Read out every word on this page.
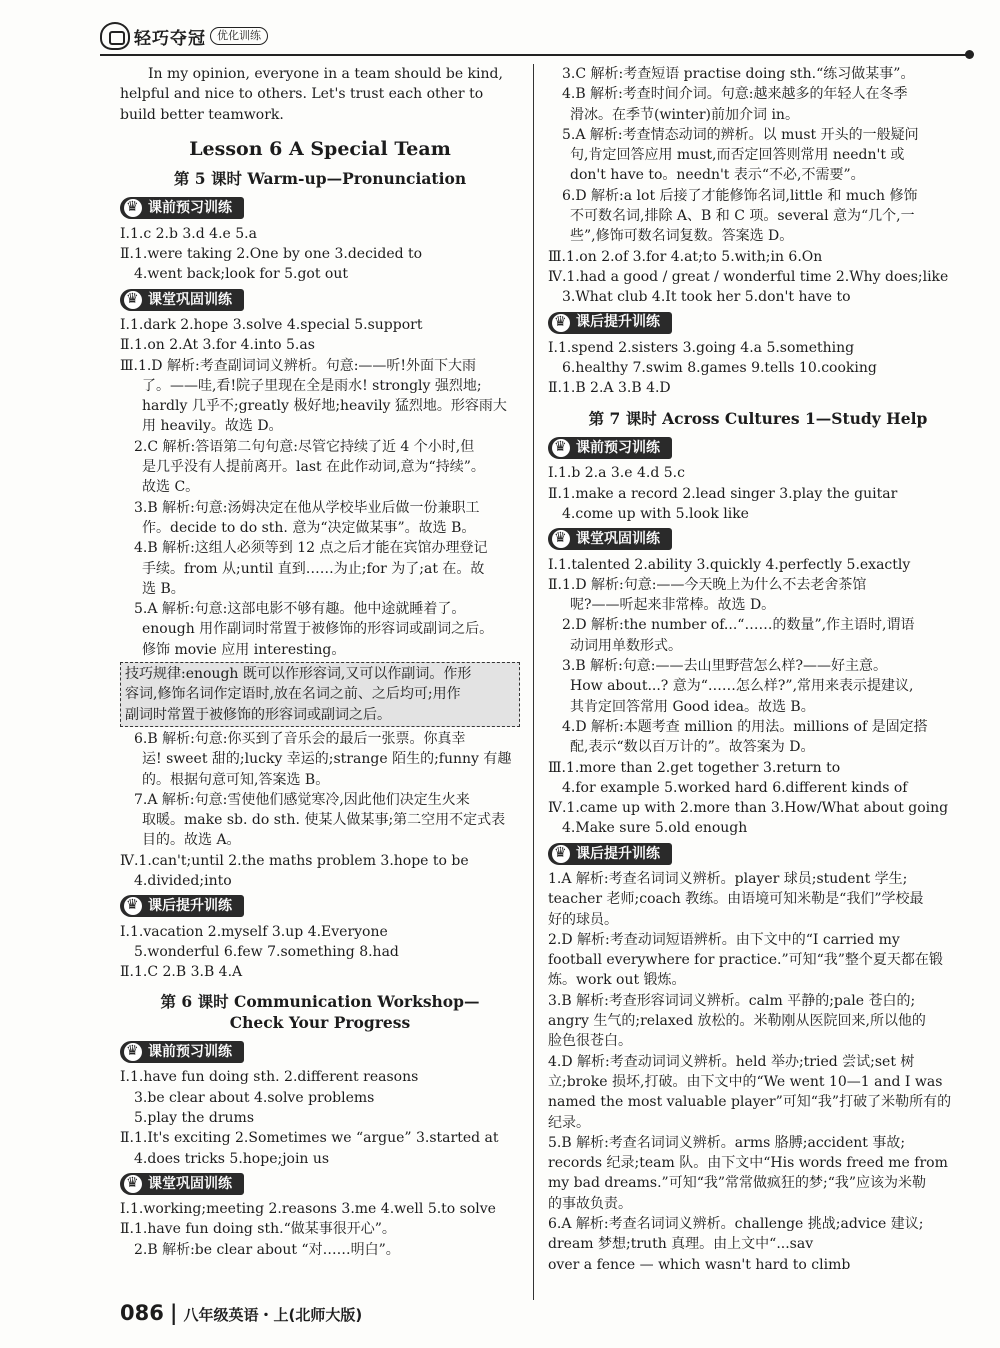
轻巧夺冠	优化训练

In my opinion, everyone in a team should be kind, helpful and nice to others. Let's trust each other to build better teamwork.

Lesson 6 A Special Team
第 5 课时 Warm-up—Pronunciation
♛
课前预习训练
Ⅰ.1.c 2.b 3.d 4.e 5.a
Ⅱ.1.were taking 2.One by one 3.decided to
4.went back;look for 5.got out
♛
课堂巩固训练
Ⅰ.1.dark 2.hope 3.solve 4.special 5.support
Ⅱ.1.on 2.At 3.for 4.into 5.as
Ⅲ.1.D 解析:考查副词词义辨析。句意:——听!外面下大雨
了。——哇,看!院子里现在全是雨水! strongly 强烈地;
hardly 几乎不;greatly 极好地;heavily 猛烈地。形容雨大
用 heavily。故选 D。
2.C 解析:答语第二句句意:尽管它持续了近 4 个小时,但
是几乎没有人提前离开。last 在此作动词,意为“持续”。
故选 C。
3.B 解析:句意:汤姆决定在他从学校毕业后做一份兼职工
作。decide to do sth. 意为“决定做某事”。故选 B。
4.B 解析:这组人必须等到 12 点之后才能在宾馆办理登记
手续。from 从;until 直到……为止;for 为了;at 在。故
选 B。
5.A 解析:句意:这部电影不够有趣。他中途就睡着了。
enough 用作副词时常置于被修饰的形容词或副词之后。
修饰 movie 应用 interesting。
技巧规律:enough 既可以作形容词,又可以作副词。作形
容词,修饰名词作定语时,放在名词之前、之后均可;用作
副词时常置于被修饰的形容词或副词之后。
6.B 解析:句意:你买到了音乐会的最后一张票。你真幸
运! sweet 甜的;lucky 幸运的;strange 陌生的;funny 有趣
的。根据句意可知,答案选 B。
7.A 解析:句意:雪使他们感觉寒冷,因此他们决定生火来
取暖。make sb. do sth. 使某人做某事;第二空用不定式表
目的。故选 A。
Ⅳ.1.can't;until 2.the maths problem 3.hope to be
4.divided;into
♛
课后提升训练
Ⅰ.1.vacation 2.myself 3.up 4.Everyone
5.wonderful 6.few 7.something 8.had
Ⅱ.1.C 2.B 3.B 4.A
第 6 课时 Communication Workshop—
Check Your Progress
♛
课前预习训练
Ⅰ.1.have fun doing sth. 2.different reasons
3.be clear about 4.solve problems
5.play the drums
Ⅱ.1.It's exciting 2.Sometimes we “argue” 3.started at
4.does tricks 5.hope;join us
♛
课堂巩固训练
Ⅰ.1.working;meeting 2.reasons 3.me 4.well 5.to solve
Ⅱ.1.have fun doing sth.“做某事很开心”。
2.B 解析:be clear about “对……明白”。
3.C 解析:考查短语 practise doing sth.“练习做某事”。
4.B 解析:考查时间介词。句意:越来越多的年轻人在冬季
滑冰。在季节(winter)前加介词 in。
5.A 解析:考查情态动词的辨析。以 must 开头的一般疑问
句,肯定回答应用 must,而否定回答则常用 needn't 或
don't have to。needn't 表示“不必,不需要”。
6.D 解析:a lot 后接了才能修饰名词,little 和 much 修饰
不可数名词,排除 A、B 和 C 项。several 意为“几个,一
些”,修饰可数名词复数。答案选 D。
Ⅲ.1.on 2.of 3.for 4.at;to 5.with;in 6.On
Ⅳ.1.had a good / great / wonderful time 2.Why does;like
3.What club 4.It took her 5.don't have to
♛
课后提升训练
Ⅰ.1.spend 2.sisters 3.going 4.a 5.something
6.healthy 7.swim 8.games 9.tells 10.cooking
Ⅱ.1.B 2.A 3.B 4.D
第 7 课时 Across Cultures 1—Study Help
♛
课前预习训练
Ⅰ.1.b 2.a 3.e 4.d 5.c
Ⅱ.1.make a record 2.lead singer 3.play the guitar
4.come up with 5.look like
♛
课堂巩固训练
Ⅰ.1.talented 2.ability 3.quickly 4.perfectly 5.exactly
Ⅱ.1.D 解析:句意:——今天晚上为什么不去老舍茶馆
呢?——听起来非常棒。故选 D。
2.D 解析:the number of...“……的数量”,作主语时,谓语
动词用单数形式。
3.B 解析:句意:——去山里野营怎么样?——好主意。
How about...? 意为“……怎么样?”,常用来表示提建议,
其肯定回答常用 Good idea。故选 B。
4.D 解析:本题考查 million 的用法。millions of 是固定搭
配,表示“数以百万计的”。故答案为 D。
Ⅲ.1.more than 2.get together 3.return to
4.for example 5.worked hard 6.different kinds of
Ⅳ.1.came up with 2.more than 3.How/What about going
4.Make sure 5.old enough
♛
课后提升训练
1.A 解析:考查名词词义辨析。player 球员;student 学生;
teacher 老师;coach 教练。由语境可知米勒是“我们”学校最
好的球员。
2.D 解析:考查动词短语辨析。由下文中的“I carried my
football everywhere for practice.”可知“我”整个夏天都在锻
炼。work out 锻炼。
3.B 解析:考查形容词词义辨析。calm 平静的;pale 苍白的;
angry 生气的;relaxed 放松的。米勒刚从医院回来,所以他的
脸色很苍白。
4.D 解析:考查动词词义辨析。held 举办;tried 尝试;set 树
立;broke 损坏,打破。由下文中的“We went 10—1 and I was
named the most valuable player”可知“我”打破了米勒所有的
纪录。
5.B 解析:考查名词词义辨析。arms 胳膊;accident 事故;
records 纪录;team 队。由下文中“His words freed me from
my bad dreams.”可知“我”常常做疯狂的梦;“我”应该为米勒
的事故负责。
6.A 解析:考查名词词义辨析。challenge 挑战;advice 建议;
dream 梦想;truth 真理。由上文中“...sav
over a fence — which wasn't hard to climb
086 | 八年级英语・上(北师大版)
